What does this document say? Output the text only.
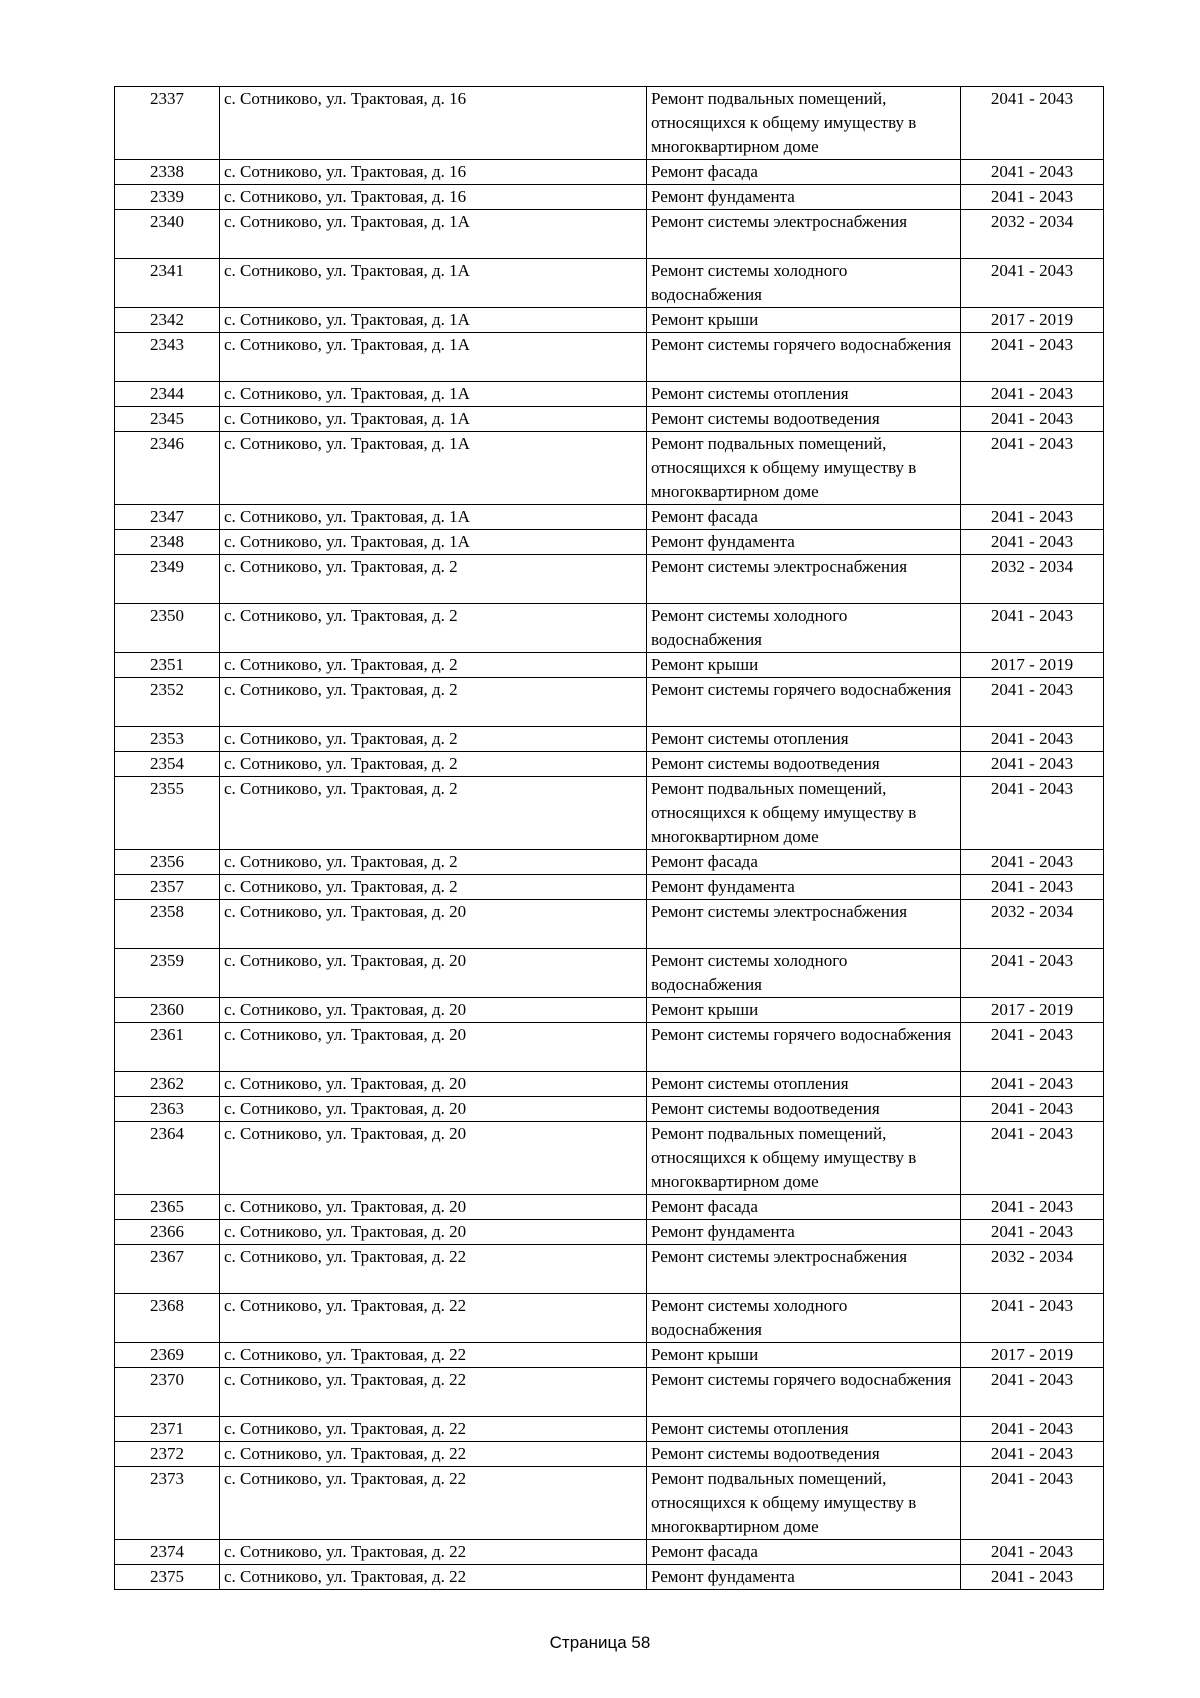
2337	с. Сотниково, ул. Трактовая, д. 16	Ремонт подвальных помещений, относящихся к общему имуществу в многоквартирном доме	2041 - 2043
2338	с. Сотниково, ул. Трактовая, д. 16	Ремонт фасада	2041 - 2043
2339	с. Сотниково, ул. Трактовая, д. 16	Ремонт фундамента	2041 - 2043
2340	с. Сотниково, ул. Трактовая, д. 1А	Ремонт системы электроснабжения	2032 - 2034
2341	с. Сотниково, ул. Трактовая, д. 1А	Ремонт системы холодного водоснабжения	2041 - 2043
2342	с. Сотниково, ул. Трактовая, д. 1А	Ремонт крыши	2017 - 2019
2343	с. Сотниково, ул. Трактовая, д. 1А	Ремонт системы горячего водоснабжения	2041 - 2043
2344	с. Сотниково, ул. Трактовая, д. 1А	Ремонт системы отопления	2041 - 2043
2345	с. Сотниково, ул. Трактовая, д. 1А	Ремонт системы водоотведения	2041 - 2043
2346	с. Сотниково, ул. Трактовая, д. 1А	Ремонт подвальных помещений, относящихся к общему имуществу в многоквартирном доме	2041 - 2043
2347	с. Сотниково, ул. Трактовая, д. 1А	Ремонт фасада	2041 - 2043
2348	с. Сотниково, ул. Трактовая, д. 1А	Ремонт фундамента	2041 - 2043
2349	с. Сотниково, ул. Трактовая, д. 2	Ремонт системы электроснабжения	2032 - 2034
2350	с. Сотниково, ул. Трактовая, д. 2	Ремонт системы холодного водоснабжения	2041 - 2043
2351	с. Сотниково, ул. Трактовая, д. 2	Ремонт крыши	2017 - 2019
2352	с. Сотниково, ул. Трактовая, д. 2	Ремонт системы горячего водоснабжения	2041 - 2043
2353	с. Сотниково, ул. Трактовая, д. 2	Ремонт системы отопления	2041 - 2043
2354	с. Сотниково, ул. Трактовая, д. 2	Ремонт системы водоотведения	2041 - 2043
2355	с. Сотниково, ул. Трактовая, д. 2	Ремонт подвальных помещений, относящихся к общему имуществу в многоквартирном доме	2041 - 2043
2356	с. Сотниково, ул. Трактовая, д. 2	Ремонт фасада	2041 - 2043
2357	с. Сотниково, ул. Трактовая, д. 2	Ремонт фундамента	2041 - 2043
2358	с. Сотниково, ул. Трактовая, д. 20	Ремонт системы электроснабжения	2032 - 2034
2359	с. Сотниково, ул. Трактовая, д. 20	Ремонт системы холодного водоснабжения	2041 - 2043
2360	с. Сотниково, ул. Трактовая, д. 20	Ремонт крыши	2017 - 2019
2361	с. Сотниково, ул. Трактовая, д. 20	Ремонт системы горячего водоснабжения	2041 - 2043
2362	с. Сотниково, ул. Трактовая, д. 20	Ремонт системы отопления	2041 - 2043
2363	с. Сотниково, ул. Трактовая, д. 20	Ремонт системы водоотведения	2041 - 2043
2364	с. Сотниково, ул. Трактовая, д. 20	Ремонт подвальных помещений, относящихся к общему имуществу в многоквартирном доме	2041 - 2043
2365	с. Сотниково, ул. Трактовая, д. 20	Ремонт фасада	2041 - 2043
2366	с. Сотниково, ул. Трактовая, д. 20	Ремонт фундамента	2041 - 2043
2367	с. Сотниково, ул. Трактовая, д. 22	Ремонт системы электроснабжения	2032 - 2034
2368	с. Сотниково, ул. Трактовая, д. 22	Ремонт системы холодного водоснабжения	2041 - 2043
2369	с. Сотниково, ул. Трактовая, д. 22	Ремонт крыши	2017 - 2019
2370	с. Сотниково, ул. Трактовая, д. 22	Ремонт системы горячего водоснабжения	2041 - 2043
2371	с. Сотниково, ул. Трактовая, д. 22	Ремонт системы отопления	2041 - 2043
2372	с. Сотниково, ул. Трактовая, д. 22	Ремонт системы водоотведения	2041 - 2043
2373	с. Сотниково, ул. Трактовая, д. 22	Ремонт подвальных помещений, относящихся к общему имуществу в многоквартирном доме	2041 - 2043
2374	с. Сотниково, ул. Трактовая, д. 22	Ремонт фасада	2041 - 2043
2375	с. Сотниково, ул. Трактовая, д. 22	Ремонт фундамента	2041 - 2043
Страница 58
